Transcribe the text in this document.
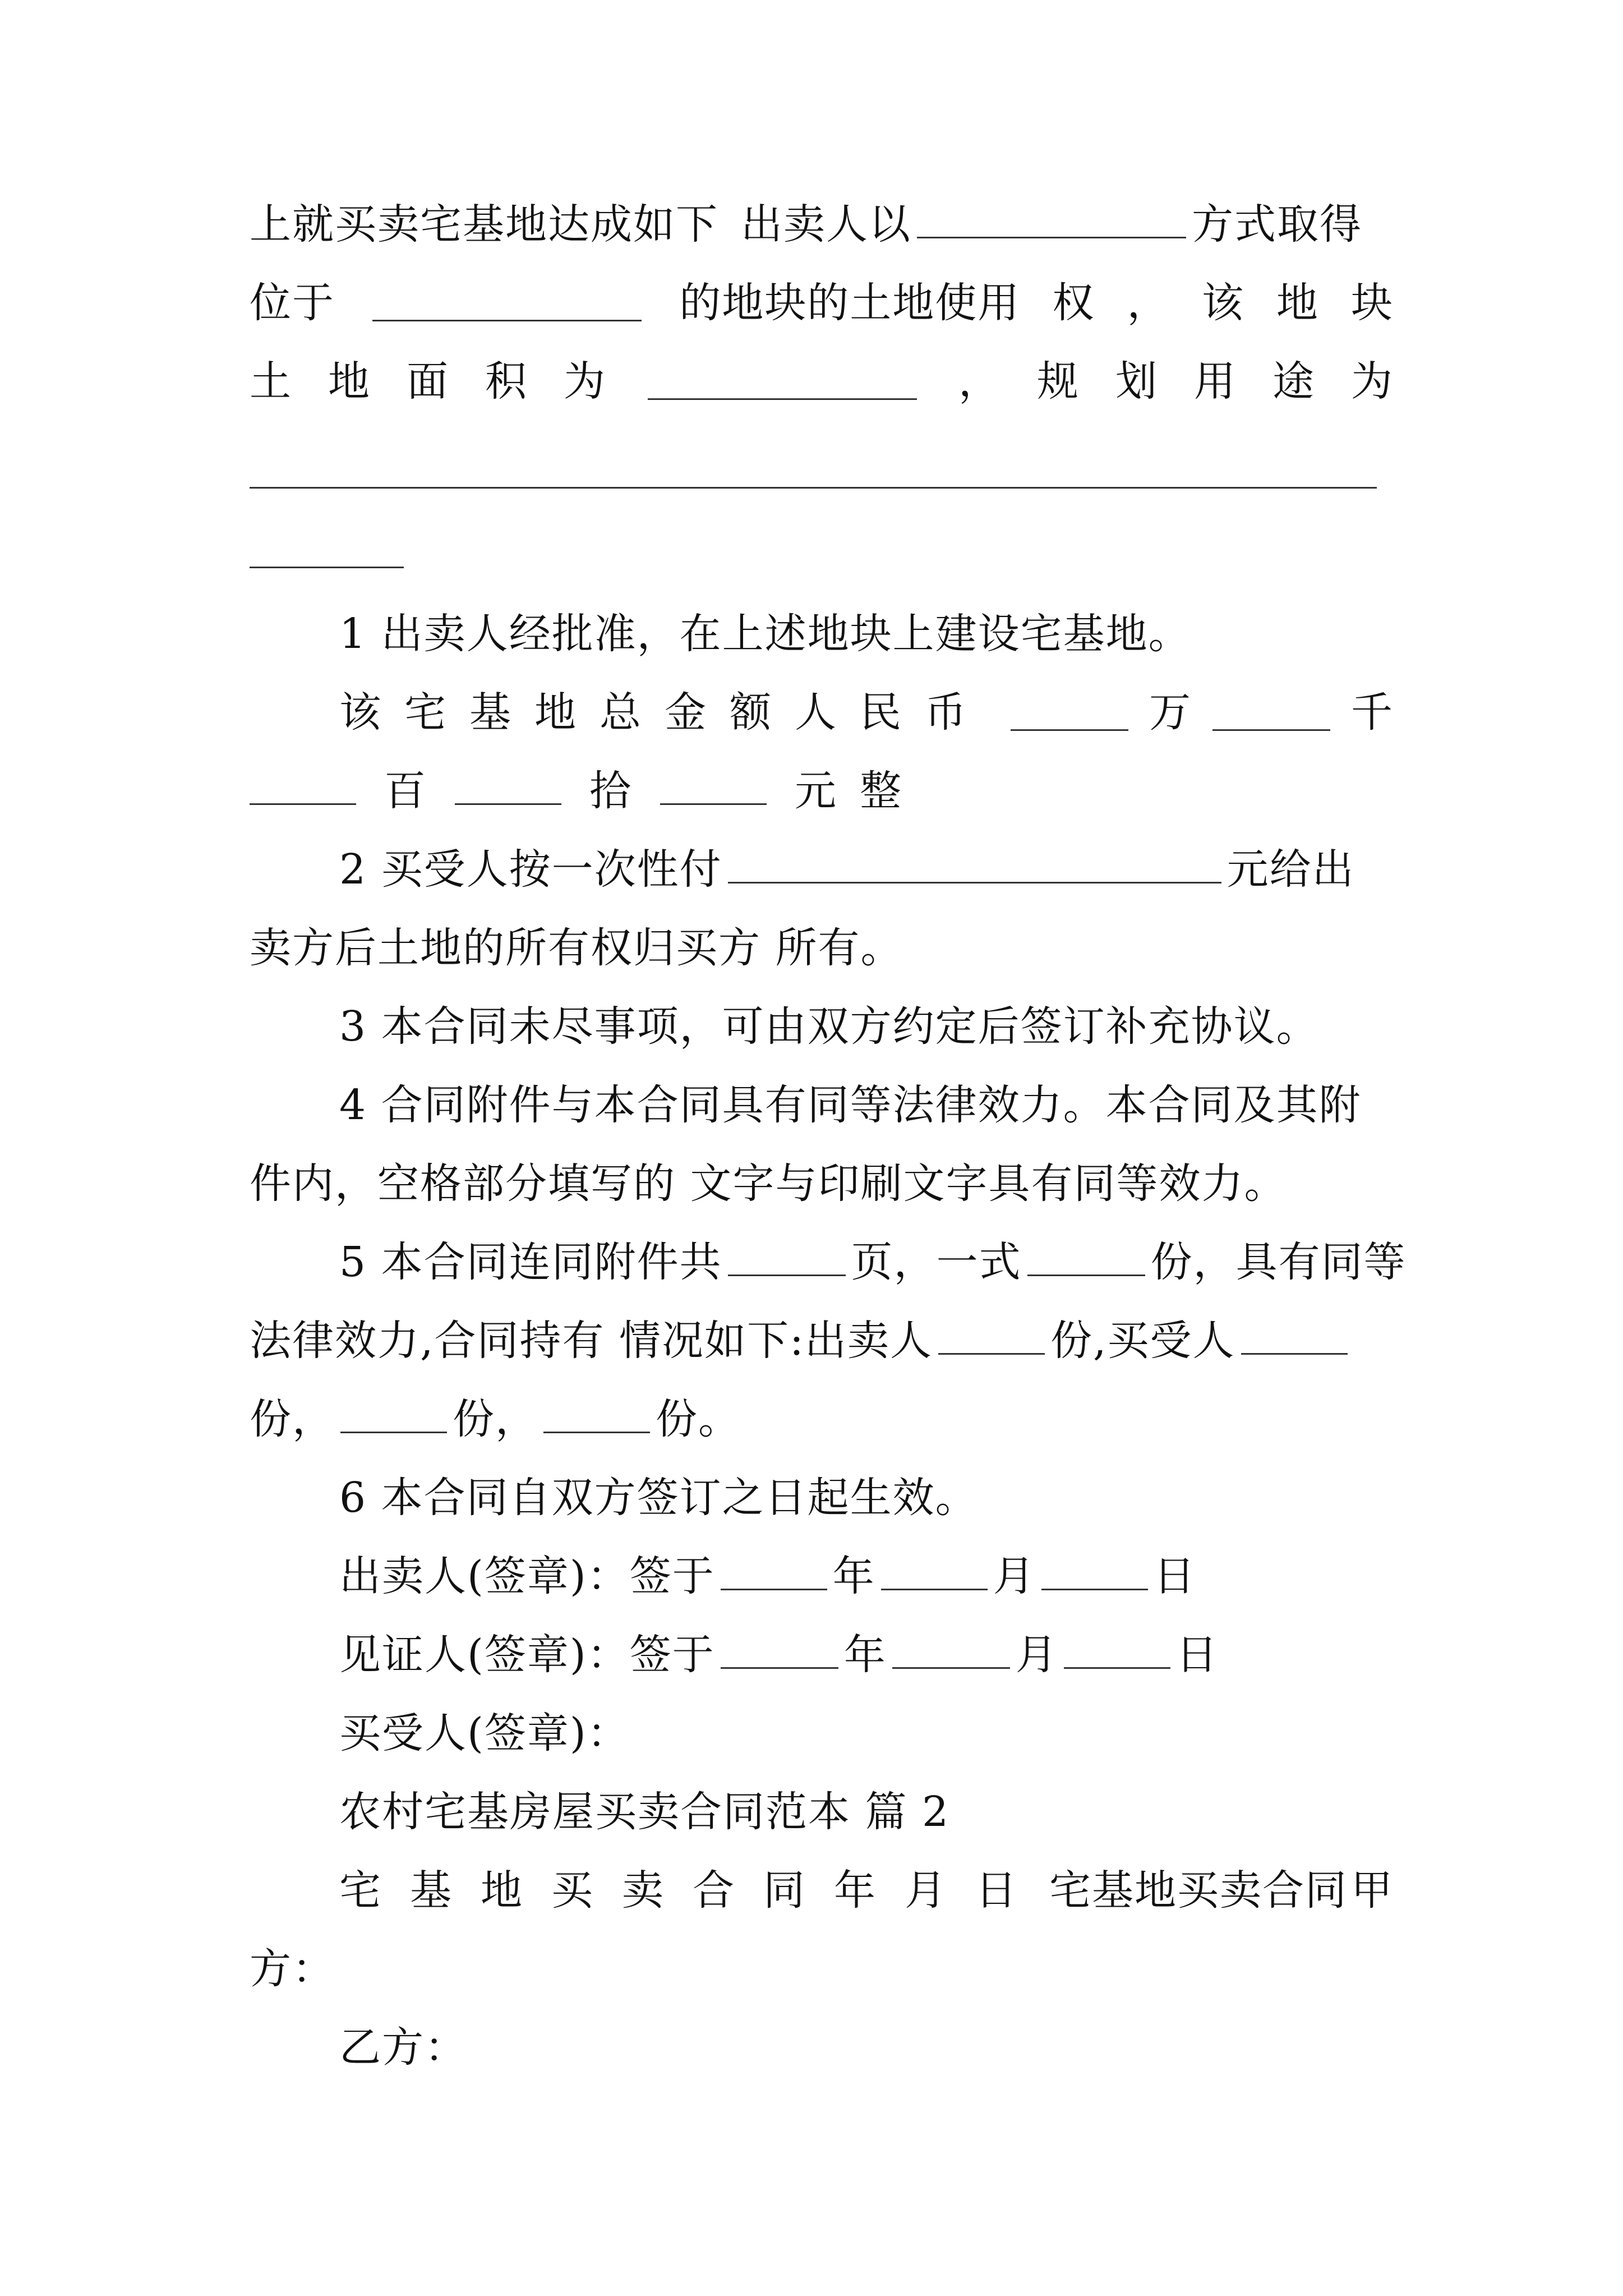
上就买卖宅基地达成如下 出卖人以	方式取得
位于	的地块的土地使用 权 ， 该 地 块
土 地 面 积 为	， 规 划 用 途 为
1 出卖人经批准，在上述地块上建设宅基地。
该宅基地总金额人民币	万	千
百	拾	元整
2 买受人按一次性付	元给出
卖方后土地的所有权归买方 所有。
3 本合同未尽事项，可由双方约定后签订补充协议。
4 合同附件与本合同具有同等法律效力。本合同及其附
件内，空格部分填写的 文字与印刷文字具有同等效力。
5 本合同连同附件共	页，一式	份，具有同等
法律效力,合同持有 情况如下:出卖人	份,买受人
份，	份，	份。
6 本合同自双方签订之日起生效。
出卖人(签章)：签于	年	月	日
见证人(签章)：签于	年	月	日
买受人(签章)：
农村宅基房屋买卖合同范本 篇 2
宅基地买卖合同年月日 宅基地买卖合同 甲
方：
乙方：
